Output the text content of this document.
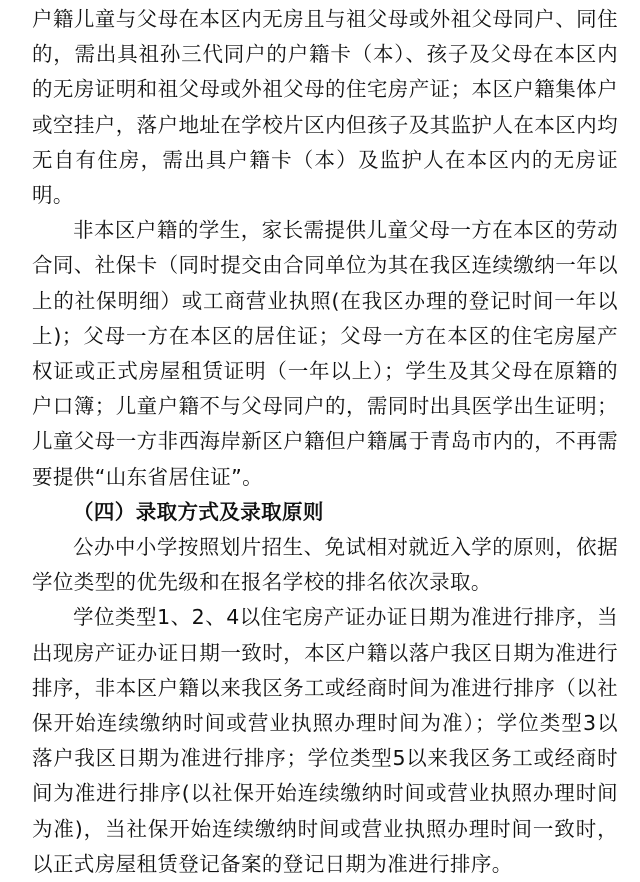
户籍儿童与父母在本区内无房且与祖父母或外祖父母同户、同住的，需出具祖孙三代同户的户籍卡（本）、孩子及父母在本区内的无房证明和祖父母或外祖父母的住宅房产证；本区户籍集体户或空挂户，落户地址在学校片区内但孩子及其监护人在本区内均无自有住房，需出具户籍卡（本）及监护人在本区内的无房证明。

非本区户籍的学生，家长需提供儿童父母一方在本区的劳动合同、社保卡（同时提交由合同单位为其在我区连续缴纳一年以上的社保明细）或工商营业执照(在我区办理的登记时间一年以上)；父母一方在本区的居住证；父母一方在本区的住宅房屋产权证或正式房屋租赁证明（一年以上）；学生及其父母在原籍的户口簿；儿童户籍不与父母同户的，需同时出具医学出生证明；儿童父母一方非西海岸新区户籍但户籍属于青岛市内的，不再需要提供“山东省居住证”。

（四）录取方式及录取原则

公办中小学按照划片招生、免试相对就近入学的原则，依据学位类型的优先级和在报名学校的排名依次录取。

学位类型1、2、4以住宅房产证办证日期为准进行排序，当出现房产证办证日期一致时，本区户籍以落户我区日期为准进行排序，非本区户籍以来我区务工或经商时间为准进行排序（以社保开始连续缴纳时间或营业执照办理时间为准）；学位类型3以落户我区日期为准进行排序；学位类型5以来我区务工或经商时间为准进行排序(以社保开始连续缴纳时间或营业执照办理时间为准)，当社保开始连续缴纳时间或营业执照办理时间一致时，以正式房屋租赁登记备案的登记日期为准进行排序。
